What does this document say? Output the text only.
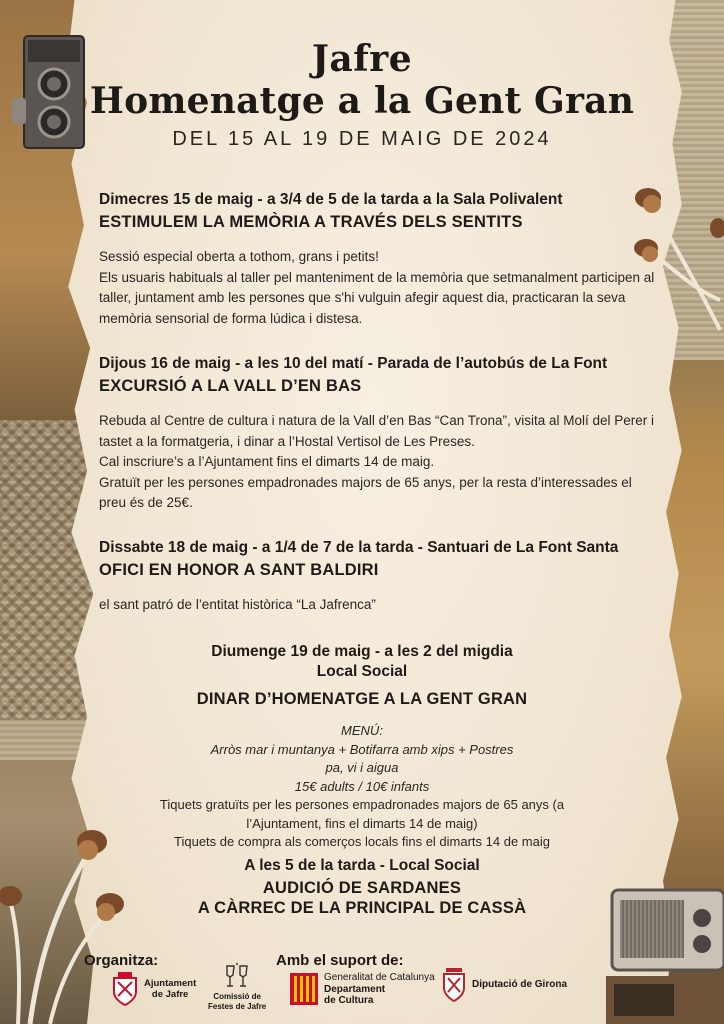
Jafre
Homenatge a la Gent Gran
DEL 15 AL 19 DE MAIG DE 2024

Dimecres 15 de maig - a 3/4 de 5 de la tarda a la Sala Polivalent

ESTIMULEM LA MEMÒRIA A TRAVÉS DELS SENTITS

Sessió especial oberta a tothom, grans i petits!

Els usuaris habituals al taller pel manteniment de la memòria que setmanalment participen al taller, juntament amb les persones que s'hi vulguin afegir aquest dia, practicaran la seva memòria sensorial de forma lúdica i distesa.

Dijous 16 de maig - a les 10 del matí - Parada de l’autobús de La Font

EXCURSIÓ A LA VALL D’EN BAS

Rebuda al Centre de cultura i natura de la Vall d’en Bas “Can Trona”, visita al Molí del Perer i tastet a la formatgeria, i dinar a l’Hostal Vertisol de Les Preses.

Cal inscriure’s a l’Ajuntament fins el dimarts 14 de maig.

Gratuït per les persones empadronades majors de 65 anys, per la resta d’interessades el preu és de 25€.

Dissabte 18 de maig - a 1/4 de 7 de la tarda - Santuari de La Font Santa

OFICI EN HONOR A SANT BALDIRI

el sant patró de l’entitat històrica “La Jafrenca”

Diumenge 19 de maig - a les 2 del migdia

Local Social

DINAR D’HOMENATGE A LA GENT GRAN

MENÚ:

Arròs mar i muntanya + Botifarra amb xips + Postres

pa, vi i aigua

15€ adults / 10€ infants

Tiquets gratuïts per les persones empadronades majors de 65 anys (a

l’Ajuntament, fins el dimarts 14 de maig)

Tiquets de compra als comerços locals fins el dimarts 14 de maig

A les 5 de la tarda - Local Social

AUDICIÓ DE SARDANES

A CÀRREC DE LA PRINCIPAL DE CASSÀ

Organitza:	Amb el suport de:
Ajuntament
de Jafre	Comissió de
Festes de Jafre
Generalitat de Catalunya
Departament
de Cultura
Diputació de Girona
